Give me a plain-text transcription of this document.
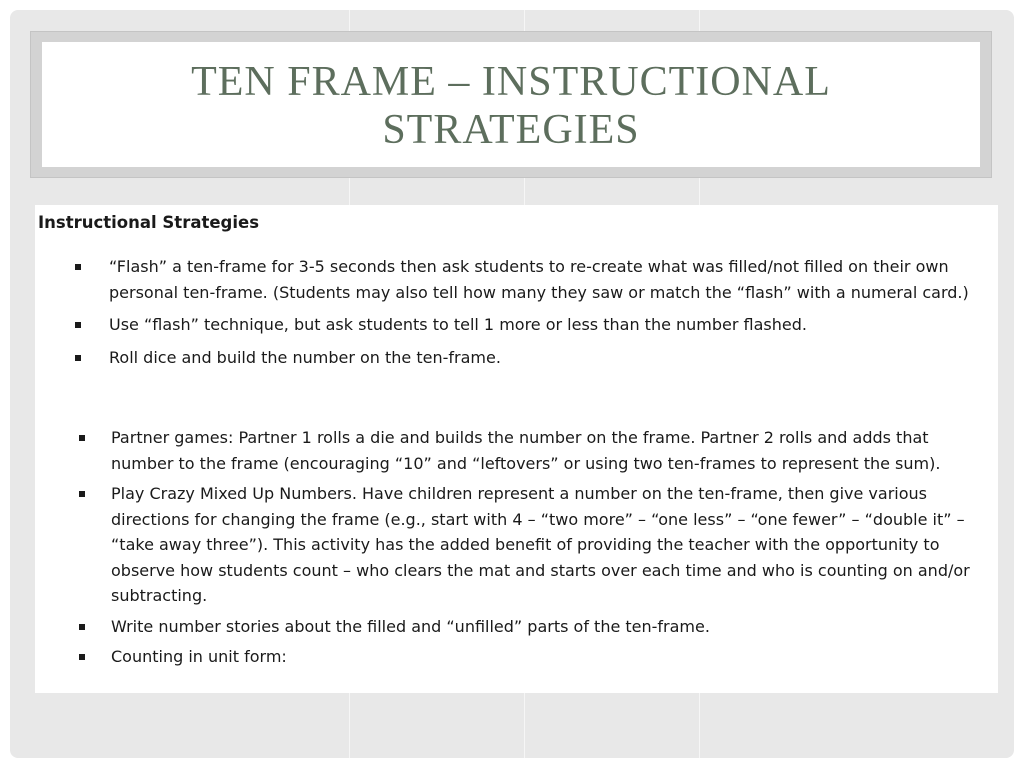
TEN FRAME – INSTRUCTIONAL STRATEGIES
Instructional Strategies
“Flash” a ten-frame for 3-5 seconds then ask students to re-create what was filled/not filled on their own personal ten-frame. (Students may also tell how many they saw or match the “flash” with a numeral card.)
Use “flash” technique, but ask students to tell 1 more or less than the number flashed.
Roll dice and build the number on the ten-frame.
Partner games: Partner 1 rolls a die and builds the number on the frame. Partner 2 rolls and adds that number to the frame (encouraging “10” and “leftovers” or using two ten-frames to represent the sum).
Play Crazy Mixed Up Numbers. Have children represent a number on the ten-frame, then give various directions for changing the frame (e.g., start with 4 – “two more” – “one less” – “one fewer” – “double it” – “take away three”). This activity has the added benefit of providing the teacher with the opportunity to observe how students count – who clears the mat and starts over each time and who is counting on and/or subtracting.
Write number stories about the filled and “unfilled” parts of the ten-frame.
Counting in unit form:
